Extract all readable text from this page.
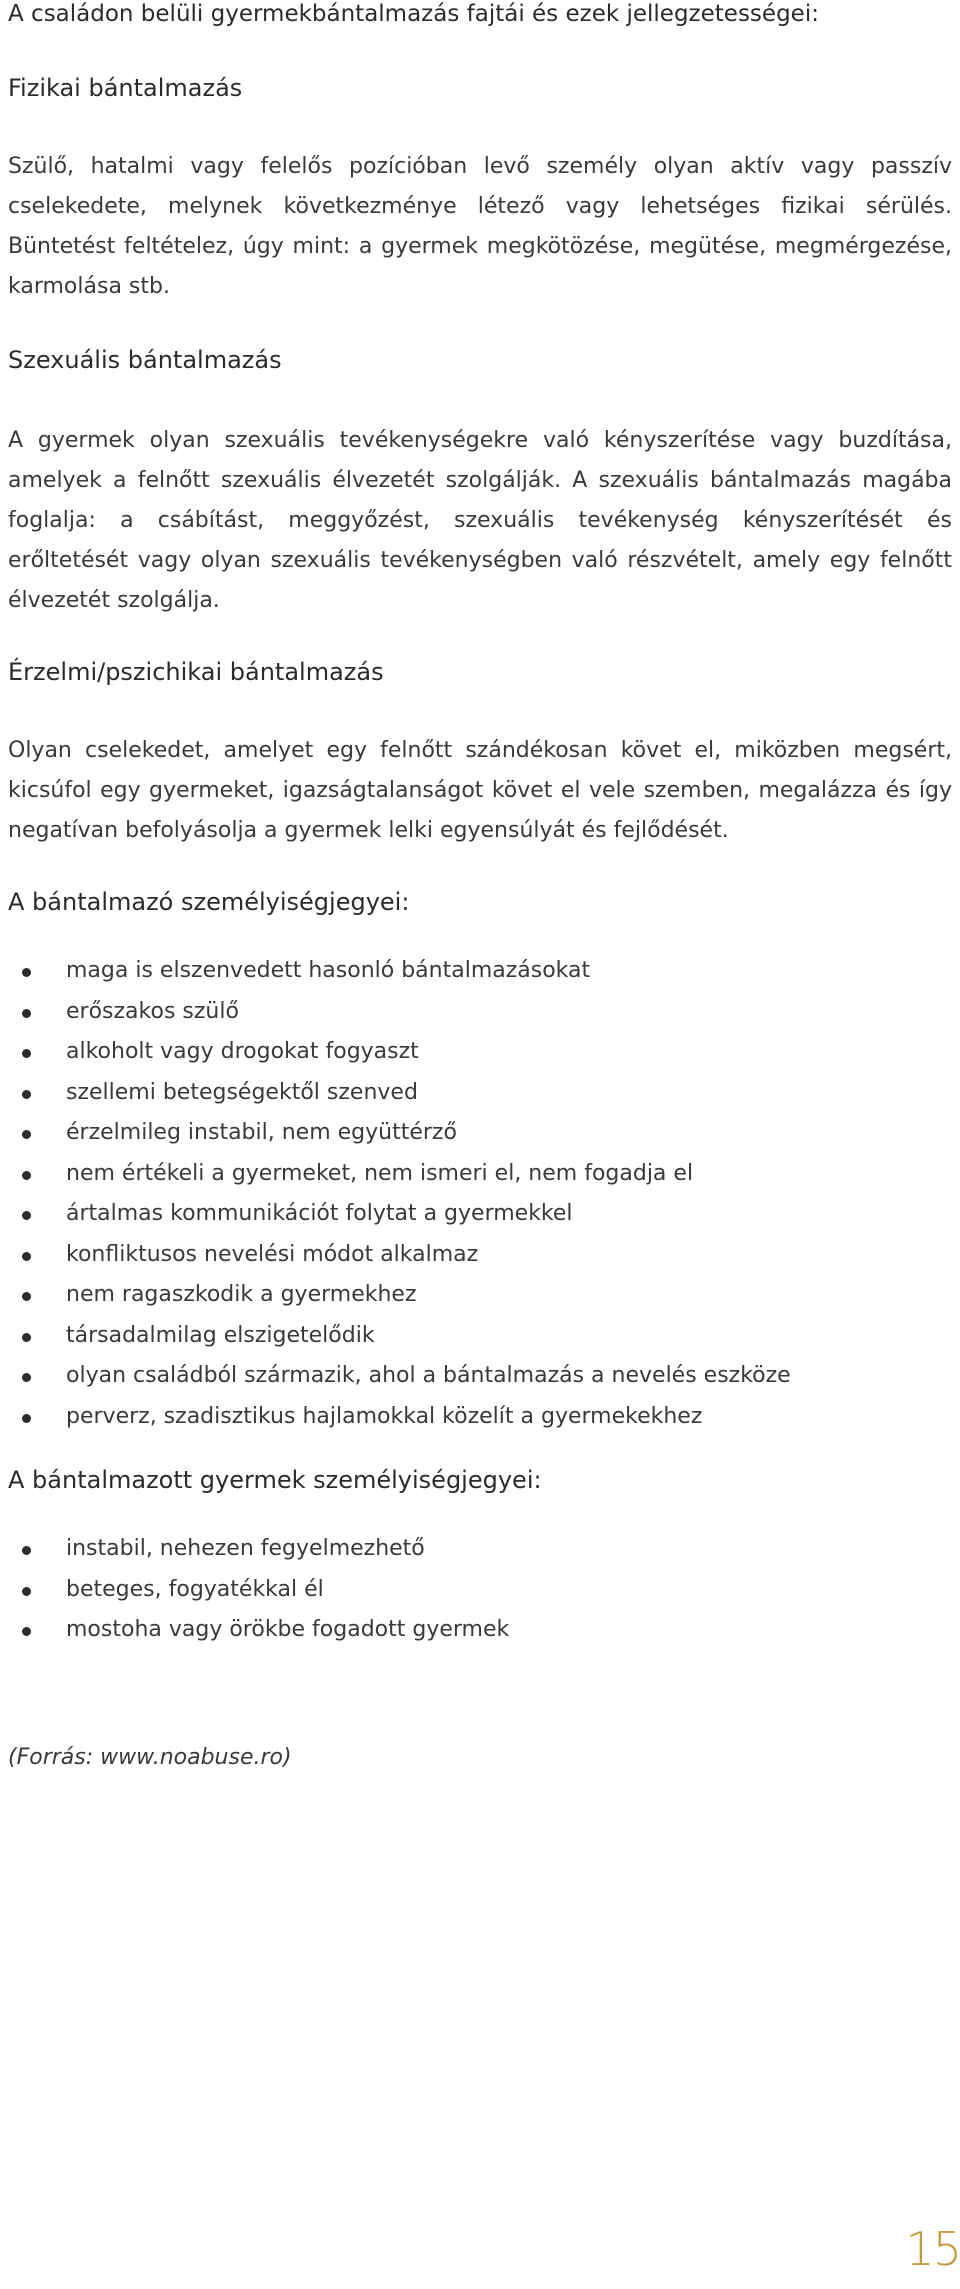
A családon belüli gyermekbántalmazás fajtái és ezek jellegzetességei:
Fizikai bántalmazás

Szülő, hatalmi vagy felelős pozícióban levő személy olyan aktív vagy passzív cselekedete, melynek következménye létező vagy lehetséges fizikai sérülés. Büntetést feltételez, úgy mint: a gyermek megkötözése, megütése, megmérgezése, karmolása stb.

Szexuális bántalmazás

A gyermek olyan szexuális tevékenységekre való kényszerítése vagy buzdítása, amelyek a felnőtt szexuális élvezetét szolgálják. A szexuális bántalmazás magába foglalja: a csábítást, meggyőzést, szexuális tevékenység kényszerítését és erőltetését vagy olyan szexuális tevékenységben való részvételt, amely egy felnőtt élvezetét szolgálja.

Érzelmi/pszichikai bántalmazás

Olyan cselekedet, amelyet egy felnőtt szándékosan követ el, miközben megsért, kicsúfol egy gyermeket, igazságtalanságot követ el vele szemben, megalázza és így negatívan befolyásolja a gyermek lelki egyensúlyát és fejlődését.

A bántalmazó személyiségjegyei:
maga is elszenvedett hasonló bántalmazásokat
erőszakos szülő
alkoholt vagy drogokat fogyaszt
szellemi betegségektől szenved
érzelmileg instabil, nem együttérző
nem értékeli a gyermeket, nem ismeri el, nem fogadja el
ártalmas kommunikációt folytat a gyermekkel
konfliktusos nevelési módot alkalmaz
nem ragaszkodik a gyermekhez
társadalmilag elszigetelődik
olyan családból származik, ahol a bántalmazás a nevelés eszköze
perverz, szadisztikus hajlamokkal közelít a gyermekekhez
A bántalmazott gyermek személyiségjegyei:
instabil, nehezen fegyelmezhető
beteges, fogyatékkal él
mostoha vagy örökbe fogadott gyermek

(Forrás: www.noabuse.ro)

15
